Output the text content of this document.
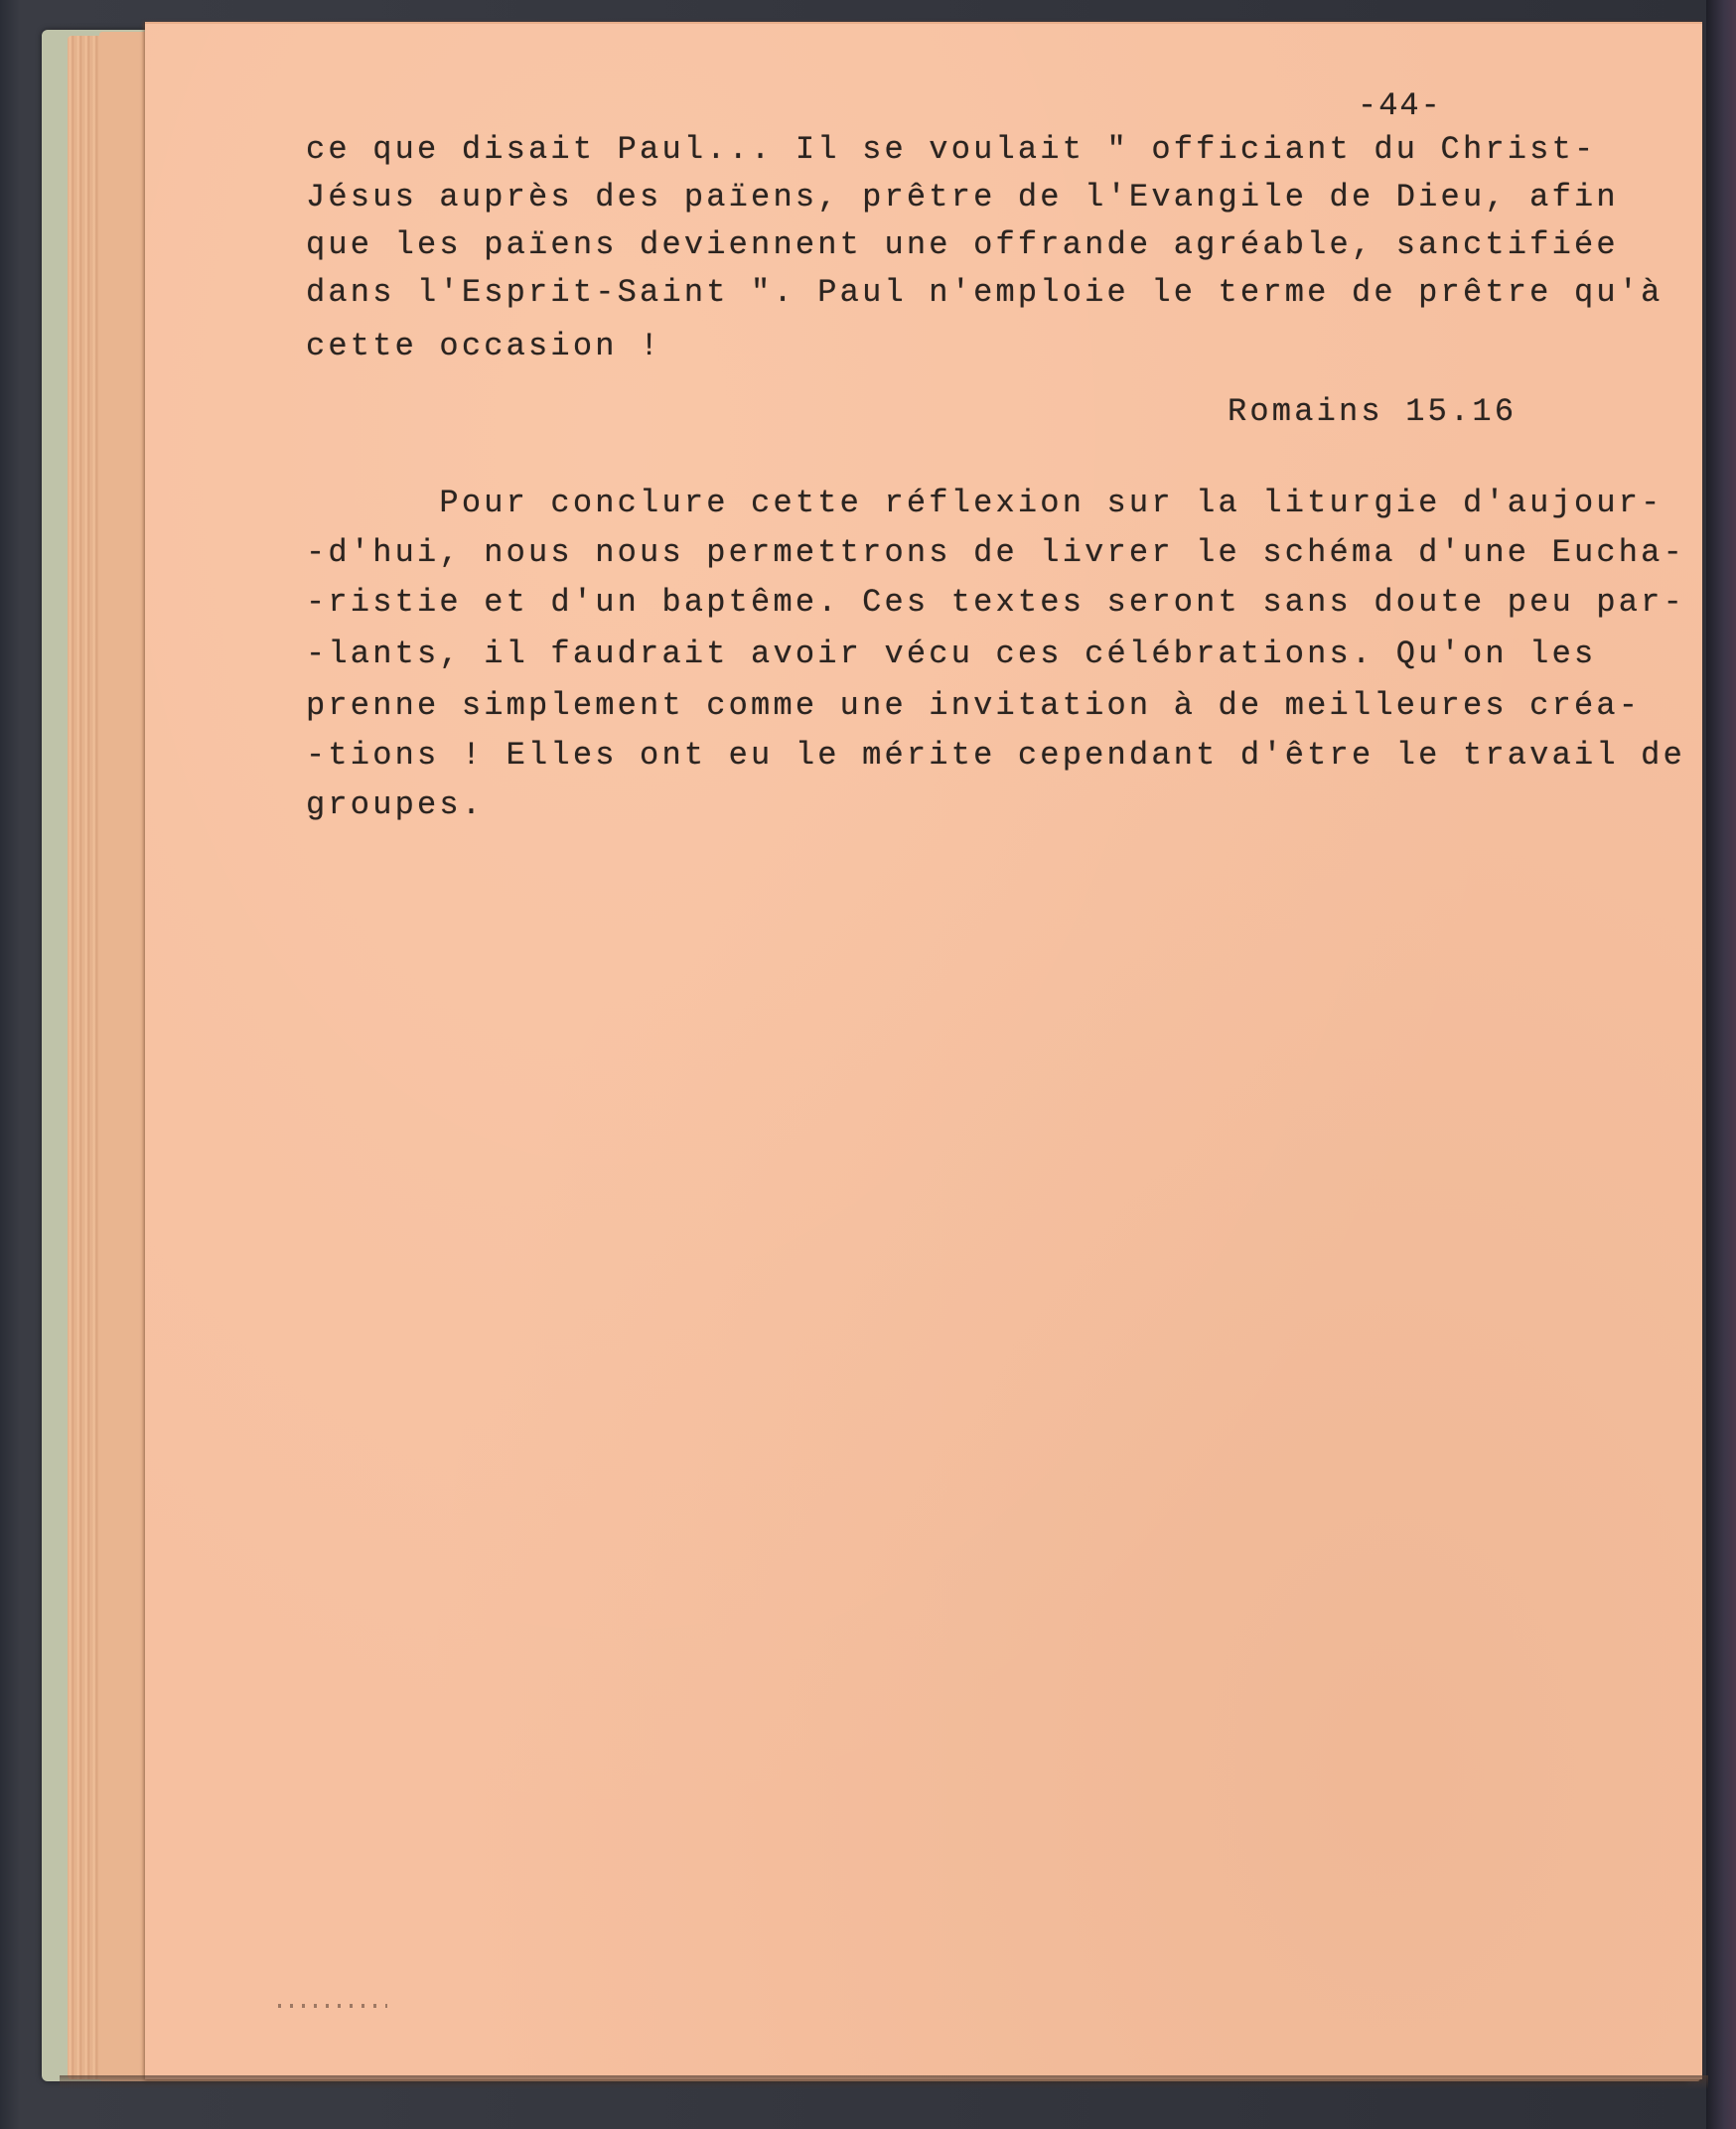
-44-
ce que disait Paul... Il se voulait " officiant du Christ-
Jésus auprès des païens, prêtre de l'Evangile de Dieu, afin
que les païens deviennent une offrande agréable, sanctifiée
dans l'Esprit-Saint ". Paul n'emploie le terme de prêtre qu'à
cette occasion !
Romains 15.16
Pour conclure cette réflexion sur la liturgie d'aujour-
-d'hui, nous nous permettrons de livrer le schéma d'une Eucha-
-ristie et d'un baptême. Ces textes seront sans doute peu par-
-lants, il faudrait avoir vécu ces célébrations. Qu'on les
prenne simplement comme une invitation à de meilleures créa-
-tions ! Elles ont eu le mérite cependant d'être le travail de
groupes.
